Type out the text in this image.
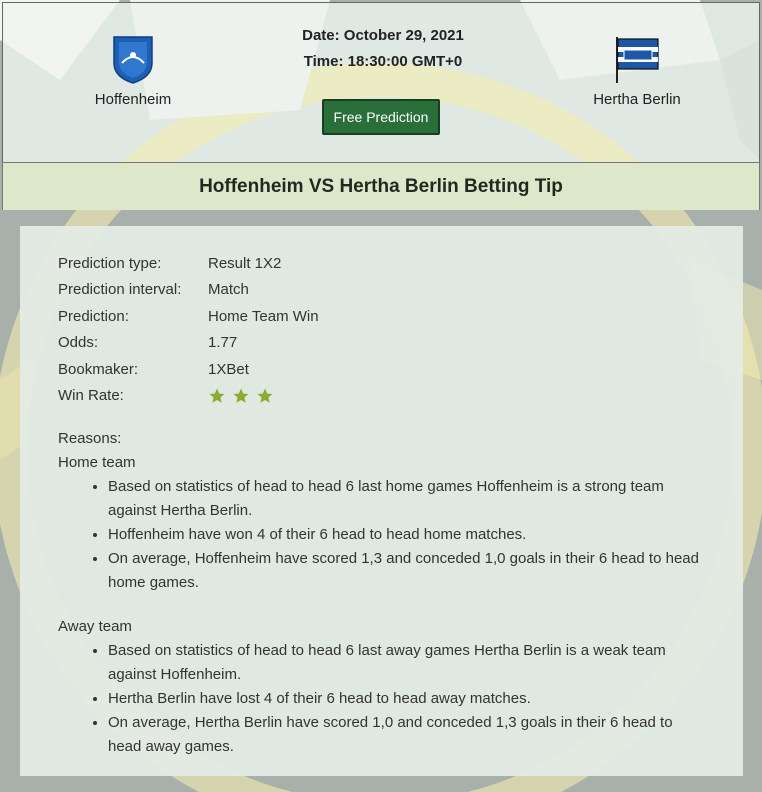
Hoffenheim
Date: October 29, 2021
Time: 18:30:00 GMT+0
Hertha Berlin
Free Prediction
Hoffenheim VS Hertha Berlin Betting Tip
Prediction type:	Result 1X2
Prediction interval:	Match
Prediction:	Home Team Win
Odds:	1.77
Bookmaker:	1XBet
Win Rate:	
Reasons:
Home team
• Based on statistics of head to head 6 last home games Hoffenheim is a strong team against Hertha Berlin.
• Hoffenheim have won 4 of their 6 head to head home matches.
• On average, Hoffenheim have scored 1,3 and conceded 1,0 goals in their 6 head to head home games.
Away team
• Based on statistics of head to head 6 last away games Hertha Berlin is a weak team against Hoffenheim.
• Hertha Berlin have lost 4 of their 6 head to head away matches.
• On average, Hertha Berlin have scored 1,0 and conceded 1,3 goals in their 6 head to head away games.
